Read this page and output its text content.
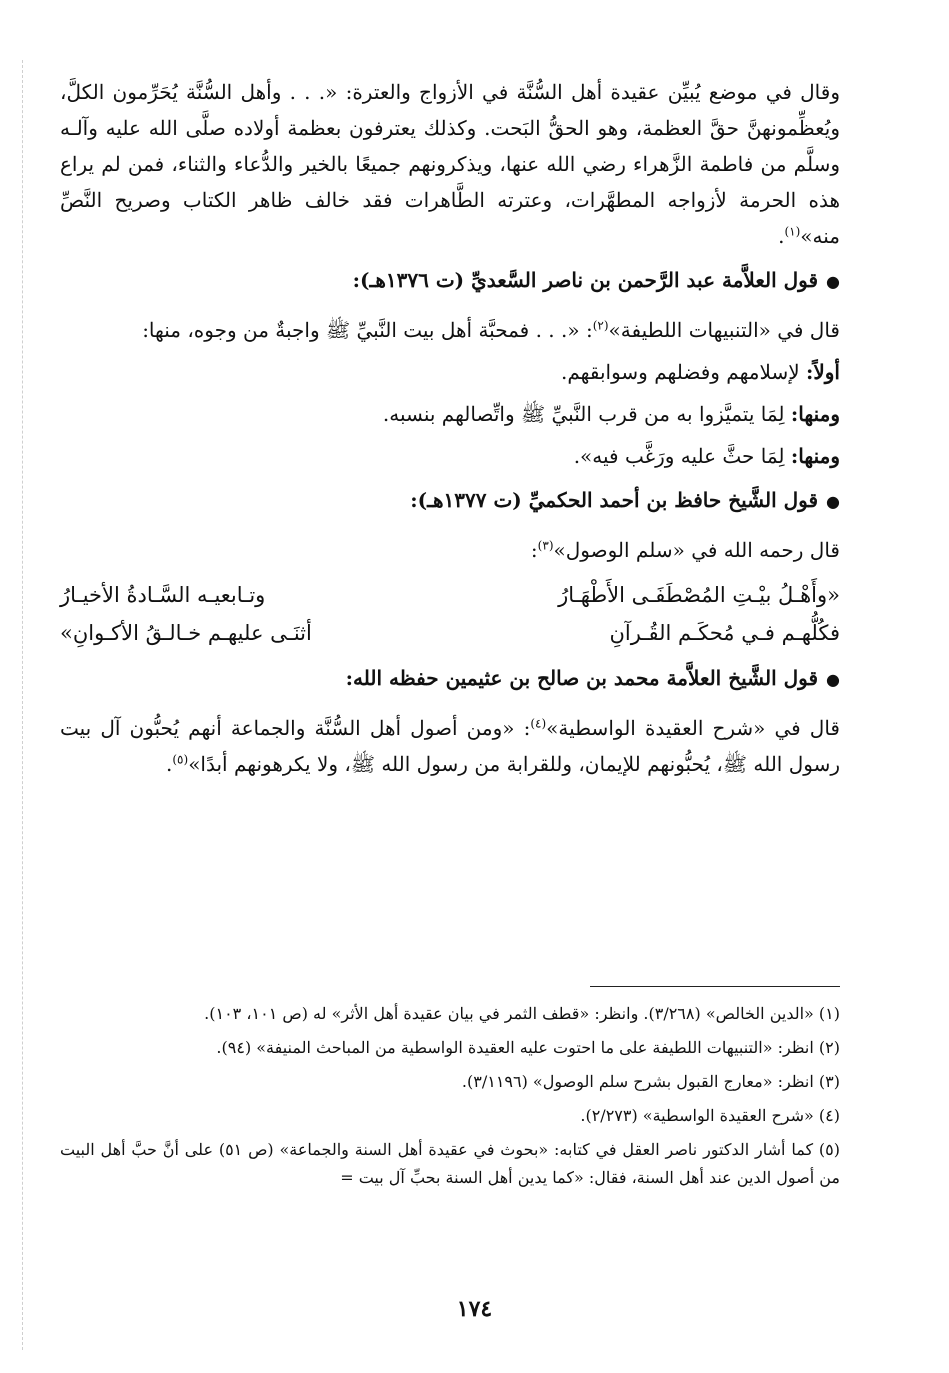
وقال في موضع يُبيِّن عقيدة أهل السُّنَّة في الأزواج والعترة: «. . . وأهل السُّنَّة يُحَرِّمون الكلَّ، ويُعظِّمونهنَّ حقَّ العظمة، وهو الحقُّ البَحت. وكذلك يعترفون بعظمة أولاده صلَّى الله عليه وآلـه وسلَّم من فاطمة الزَّهراء رضي الله عنها، ويذكرونهم جميعًا بالخير والدُّعاء والثناء، فمن لم يراع هذه الحرمة لأزواجه المطهَّرات، وعترته الطَّاهرات فقد خالف ظاهر الكتاب وصريح النَّصِّ منه»$^{(١)}$.

●قول العلاَّمة عبد الرَّحمن بن ناصر السَّعديِّ (ت ١٣٧٦هـ):

قال في «التنبيهات اللطيفة»$^{(٢)}$: «. . . فمحبَّة أهل بيت النَّبيِّ ﷺ واجبةٌ من وجوه، منها:

أولاً: لإسلامهم وفضلهم وسوابقهم.

ومنها: لِمَا يتميَّزوا به من قرب النَّبيِّ ﷺ واتِّصالهم بنسبه.

ومنها: لِمَا حثَّ عليه ورَغَّب فيه».

●قول الشَّيخ حافظ بن أحمد الحكميِّ (ت ١٣٧٧هـ):

قال رحمه الله في «سلم الوصول»$^{(٣)}$:

«وأَهْـلُ بيْـتِ المُصْطَفَـى الأَطْهَـارُ
وتـابعيـه السَّـادةُ الأخيـارُ
فكُلُّهـم فـي مُحكَـم القُـرآنِ
أثنَـى عليهـم خـالـقُ الأكـوانِ»

●قول الشَّيخ العلاَّمة محمد بن صالح بن عثيمين حفظه الله:

قال في «شرح العقيدة الواسطية»$^{(٤)}$: «ومن أصول أهل السُّنَّة والجماعة أنهم يُحبُّون آل بيت رسول الله ﷺ، يُحبُّونهم للإيمان، وللقرابة من رسول الله ﷺ، ولا يكرهونهم أبدًا»$^{(٥)}$.

(١) «الدين الخالص» (٣/٢٦٨). وانظر: «قطف الثمر في بيان عقيدة أهل الأثر» له (ص ١٠١، ١٠٣).

(٢) انظر: «التنبيهات اللطيفة على ما احتوت عليه العقيدة الواسطية من المباحث المنيفة» (٩٤).

(٣) انظر: «معارج القبول بشرح سلم الوصول» (٣/١١٩٦).

(٤) «شرح العقيدة الواسطية» (٢/٢٧٣).

(٥) كما أشار الدكتور ناصر العقل في كتابه: «بحوث في عقيدة أهل السنة والجماعة» (ص ٥١) على أنَّ حبَّ أهل البيت من أصول الدين عند أهل السنة، فقال: «كما يدين أهل السنة بحبِّ آل بيت =

١٧٤
